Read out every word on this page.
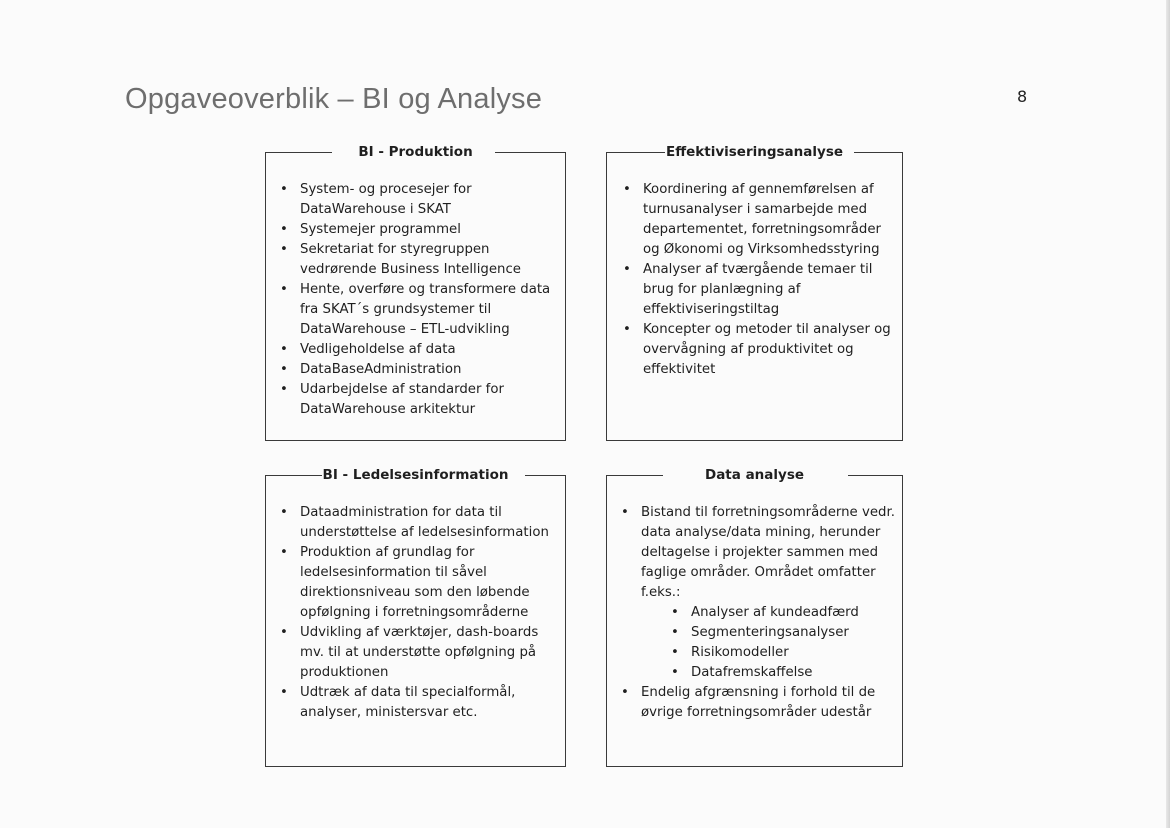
Opgaveoverblik – BI og Analyse	8
BI - Produktion
• System- og procesejer for DataWarehouse i SKAT
• Systemejer programmel
• Sekretariat for styregruppen vedrørende Business Intelligence
• Hente, overføre og transformere data fra SKAT´s grundsystemer til DataWarehouse – ETL-udvikling
• Vedligeholdelse af data
• DataBaseAdministration
• Udarbejdelse af standarder for DataWarehouse arkitektur
Effektiviseringsanalyse
• Koordinering af gennemførelsen af turnusanalyser i samarbejde med departementet, forretningsområder og Økonomi og Virksomhedsstyring
• Analyser af tværgående temaer til brug for planlægning af effektiviseringstiltag
• Koncepter og metoder til analyser og overvågning af produktivitet og effektivitet
BI - Ledelsesinformation
• Dataadministration for data til understøttelse af ledelsesinformation
• Produktion af grundlag for ledelsesinformation til såvel direktionsniveau som den løbende opfølgning i forretningsområderne
• Udvikling af værktøjer, dash-boards mv. til at understøtte opfølgning på produktionen
• Udtræk af data til specialformål, analyser, ministersvar etc.
Data analyse
• Bistand til forretningsområderne vedr. data analyse/data mining, herunder deltagelse i projekter sammen med faglige områder. Området omfatter f.eks.:
• Analyser af kundeadfærd
• Segmenteringsanalyser
• Risikomodeller
• Datafremskaffelse
• Endelig afgrænsning i forhold til de øvrige forretningsområder udestår
